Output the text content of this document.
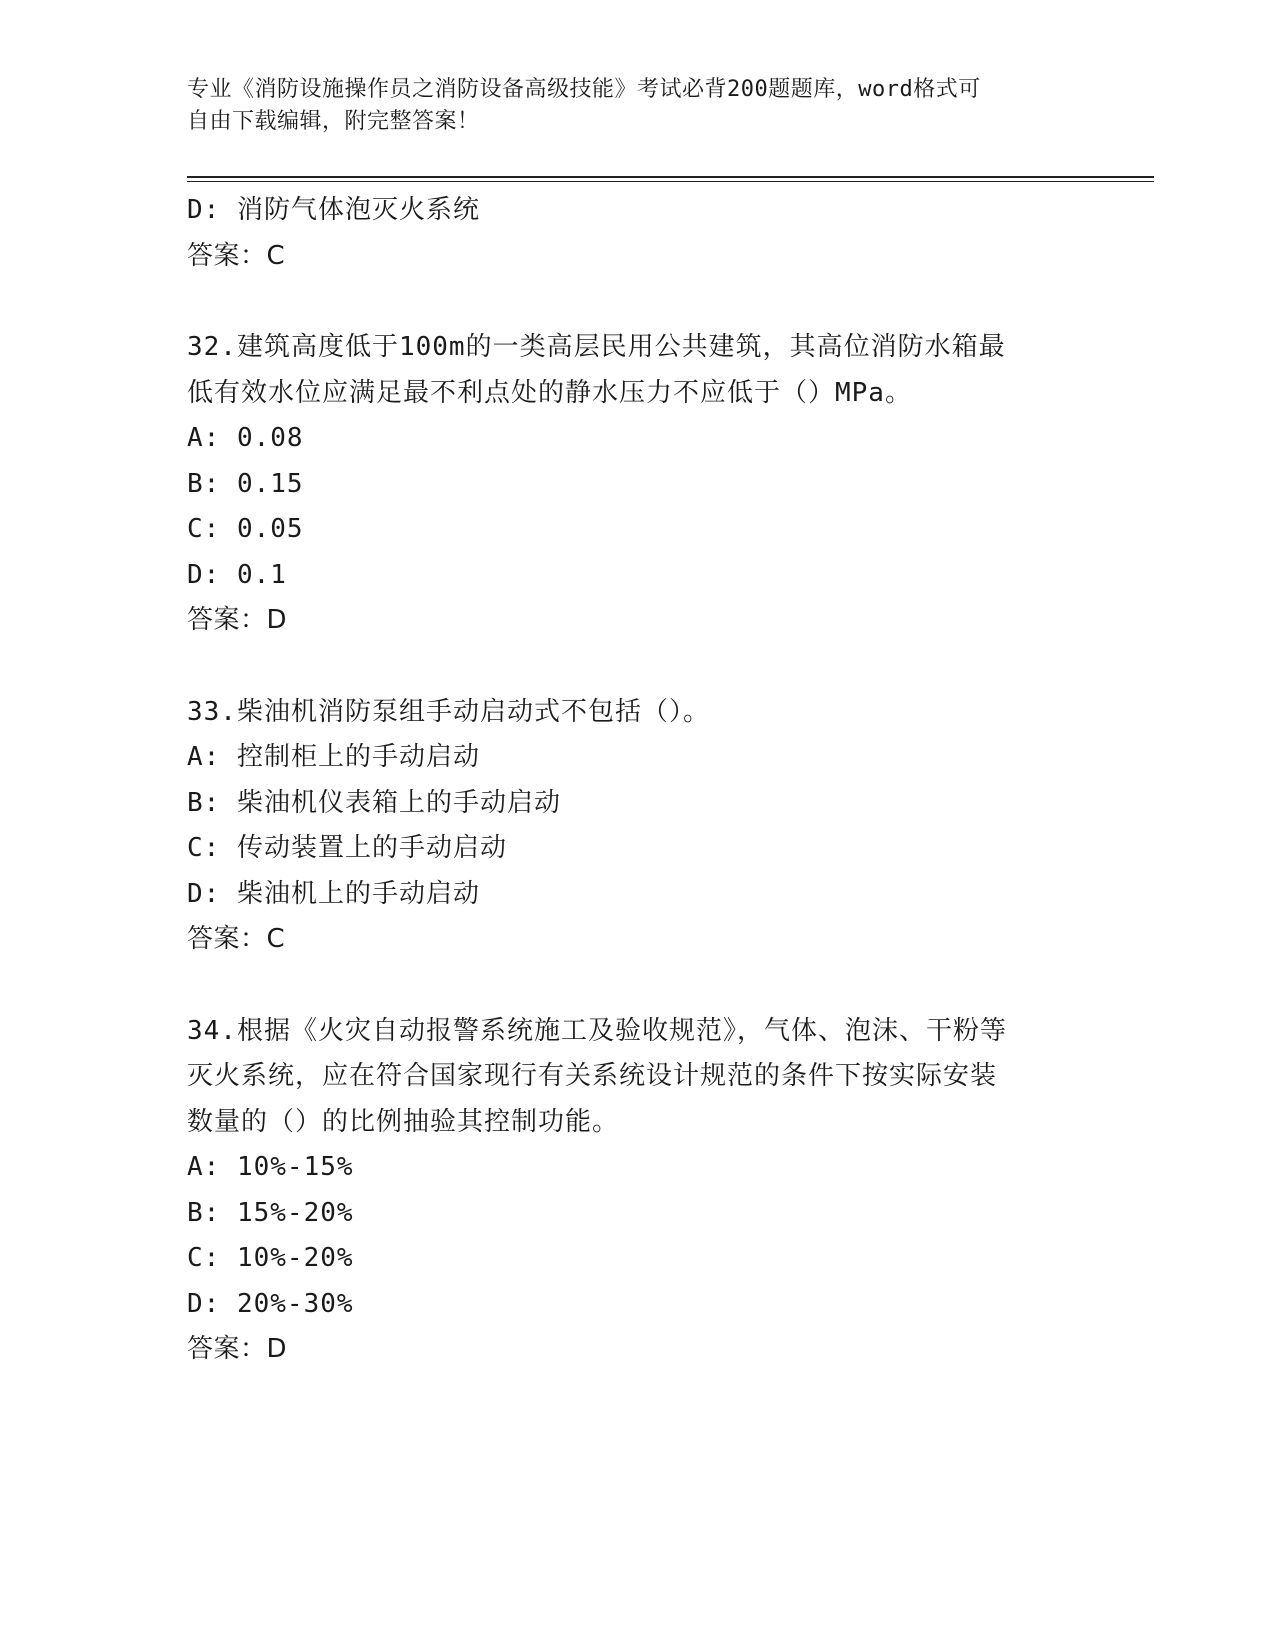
专业《消防设施操作员之消防设备高级技能》考试必背200题题库，word格式可
自由下载编辑，附完整答案！
D: 消防气体泡灭火系统
答案：C
32.建筑高度低于100m的一类高层民用公共建筑，其高位消防水箱最
低有效水位应满足最不利点处的静水压力不应低于（）MPa。
A: 0.08
B: 0.15
C: 0.05
D: 0.1
答案：D
33.柴油机消防泵组手动启动式不包括（）。
A: 控制柜上的手动启动
B: 柴油机仪表箱上的手动启动
C: 传动装置上的手动启动
D: 柴油机上的手动启动
答案：C
34.根据《火灾自动报警系统施工及验收规范》，气体、泡沫、干粉等
灭火系统，应在符合国家现行有关系统设计规范的条件下按实际安装
数量的（）的比例抽验其控制功能。
A: 10%-15%
B: 15%-20%
C: 10%-20%
D: 20%-30%
答案：D
